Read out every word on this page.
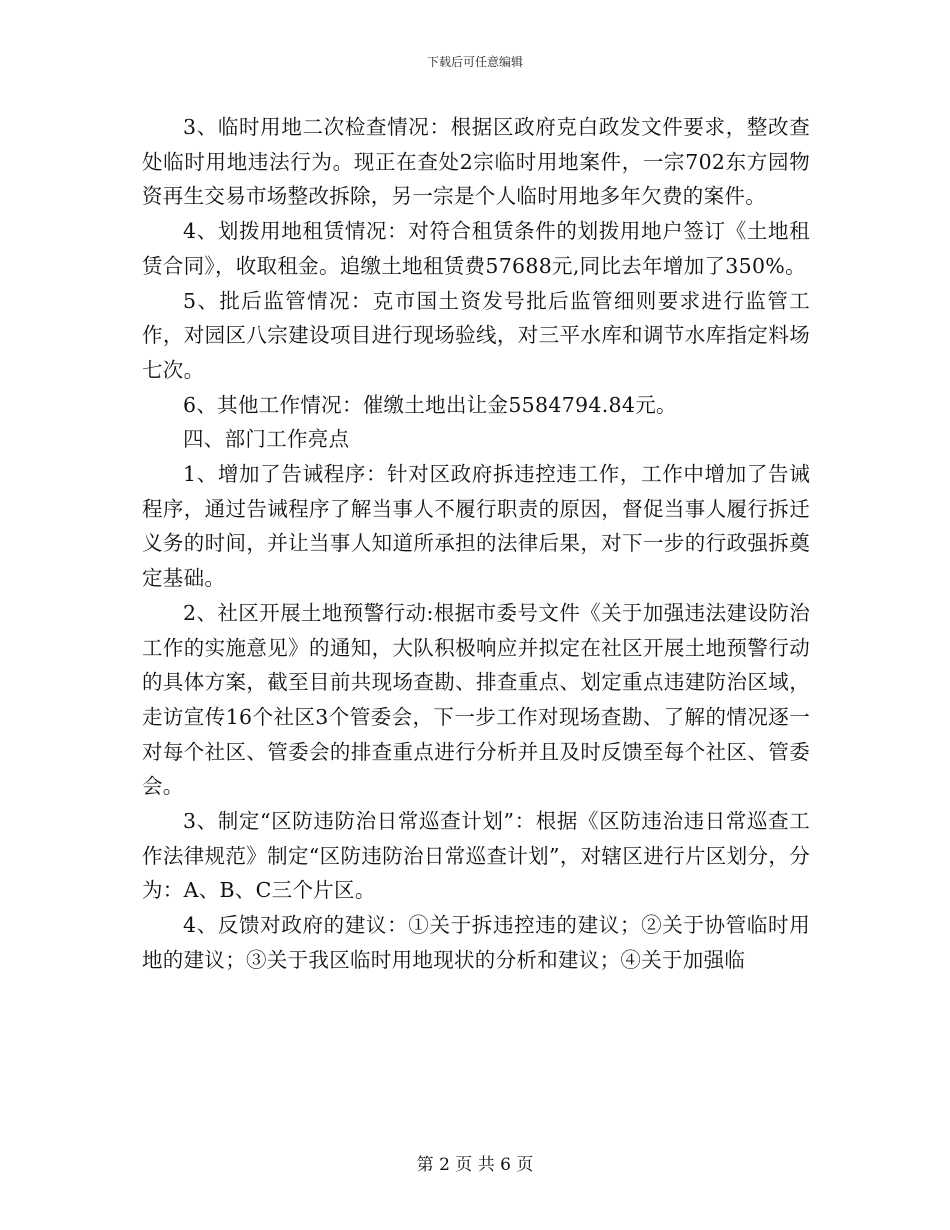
下载后可任意编辑

3、临时用地二次检查情况：根据区政府克白政发文件要求，整改查处临时用地违法行为。现正在查处2宗临时用地案件，一宗702东方园物资再生交易市场整改拆除，另一宗是个人临时用地多年欠费的案件。

4、划拨用地租赁情况：对符合租赁条件的划拨用地户签订《土地租赁合同》，收取租金。追缴土地租赁费57688元,同比去年增加了350%。

5、批后监管情况：克市国土资发号批后监管细则要求进行监管工作，对园区八宗建设项目进行现场验线，对三平水库和调节水库指定料场七次。

6、其他工作情况：催缴土地出让金5584794.84元。

四、部门工作亮点

1、增加了告诫程序：针对区政府拆违控违工作，工作中增加了告诫程序，通过告诫程序了解当事人不履行职责的原因，督促当事人履行拆迁义务的时间，并让当事人知道所承担的法律后果，对下一步的行政强拆奠定基础。

2、社区开展土地预警行动:根据市委号文件《关于加强违法建设防治工作的实施意见》的通知，大队积极响应并拟定在社区开展土地预警行动的具体方案，截至目前共现场查勘、排查重点、划定重点违建防治区域，走访宣传16个社区3个管委会，下一步工作对现场查勘、了解的情况逐一对每个社区、管委会的排查重点进行分析并且及时反馈至每个社区、管委会。

3、制定“区防违防治日常巡查计划”：根据《区防违治违日常巡查工作法律规范》制定“区防违防治日常巡查计划”，对辖区进行片区划分，分为：A、B、C三个片区。

4、反馈对政府的建议：①关于拆违控违的建议；②关于协管临时用地的建议；③关于我区临时用地现状的分析和建议；④关于加强临

第 2 页 共 6 页
